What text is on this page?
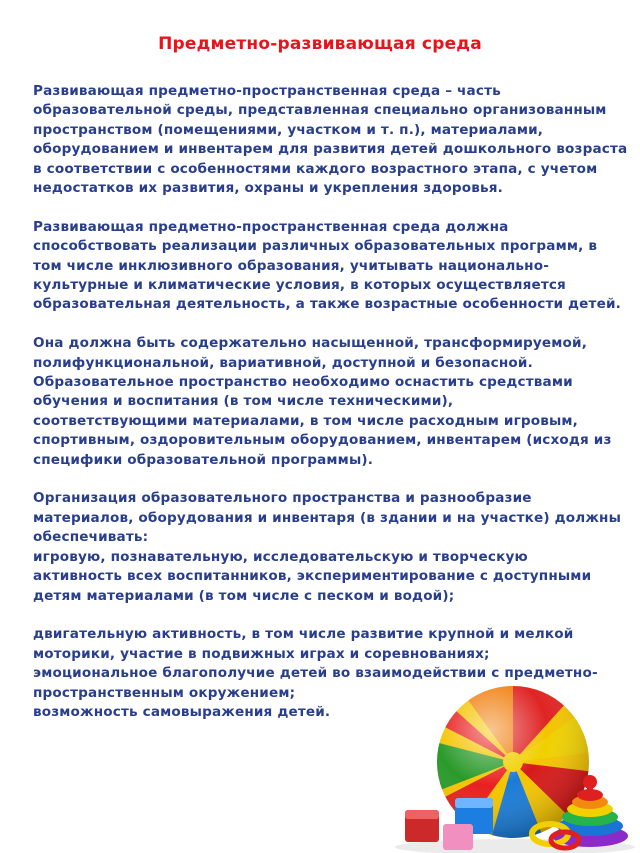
Предметно-развивающая среда

Развивающая предметно-пространственная среда – часть
образовательной среды, представленная специально организованным
пространством (помещениями, участком и т. п.), материалами,
оборудованием и инвентарем для развития детей дошкольного возраста
в соответствии с особенностями каждого возрастного этапа, с учетом
недостатков их развития, охраны и укрепления здоровья.

Развивающая предметно-пространственная среда должна
способствовать реализации различных образовательных программ, в
том числе инклюзивного образования, учитывать национально-
культурные и климатические условия, в которых осуществляется
образовательная деятельность, а также возрастные особенности детей.

Она должна быть содержательно насыщенной, трансформируемой,
полифункциональной, вариативной, доступной и безопасной.
Образовательное пространство необходимо оснастить средствами
обучения и воспитания (в том числе техническими),
соответствующими материалами, в том числе расходным игровым,
спортивным, оздоровительным оборудованием, инвентарем (исходя из
специфики образовательной программы).

Организация образовательного пространства и разнообразие
материалов, оборудования и инвентаря (в здании и на участке) должны
обеспечивать:
игровую, познавательную, исследовательскую и творческую
активность всех воспитанников, экспериментирование с доступными
детям материалами (в том числе с песком и водой);

двигательную активность, в том числе развитие крупной и мелкой
моторики, участие в подвижных играх и соревнованиях;
эмоциональное благополучие детей во взаимодействии с предметно-
пространственным окружением;
возможность самовыражения детей.
